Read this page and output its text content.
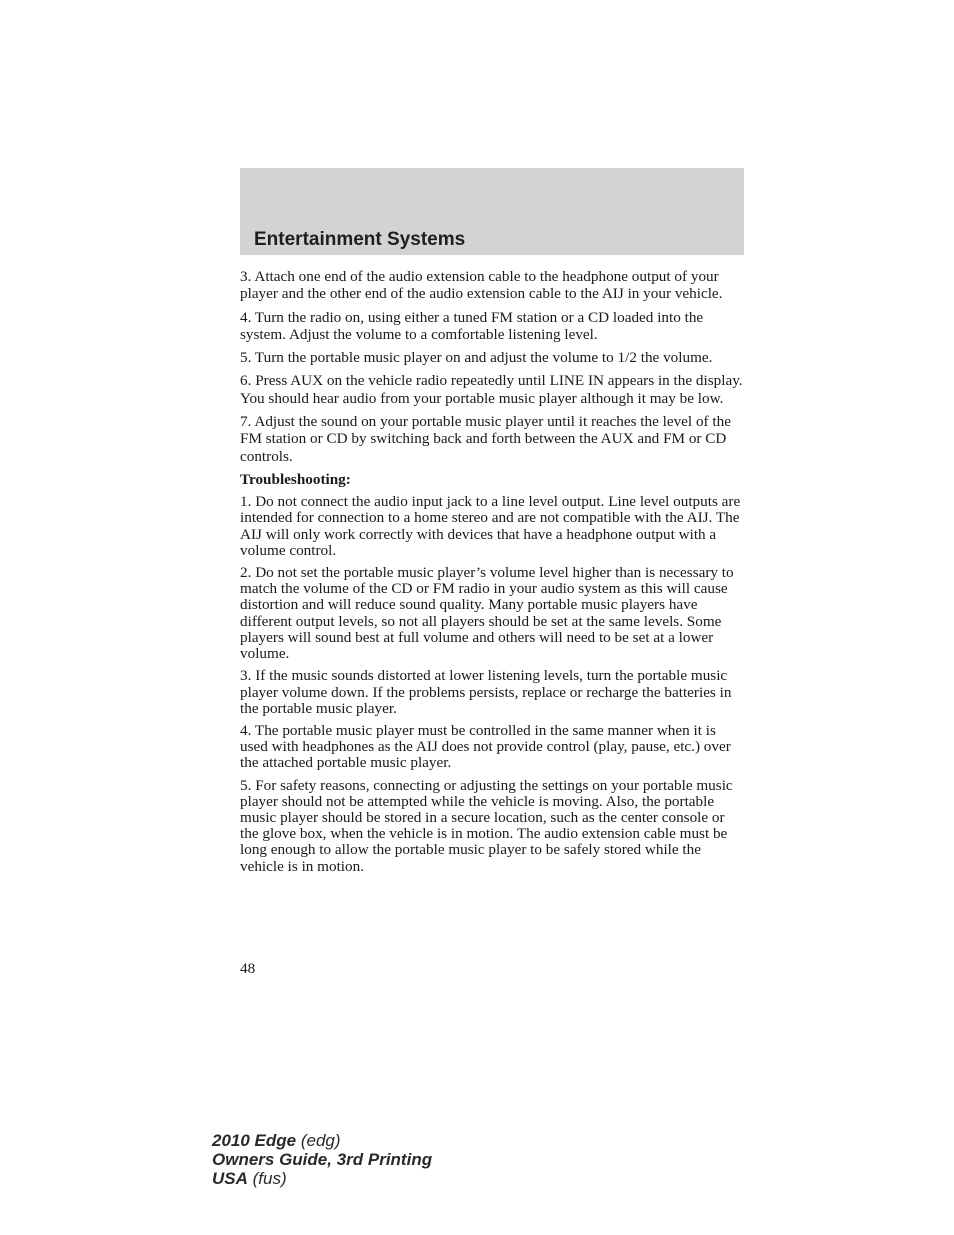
Entertainment Systems

3. Attach one end of the audio extension cable to the headphone output of your player and the other end of the audio extension cable to the AIJ in your vehicle.

4. Turn the radio on, using either a tuned FM station or a CD loaded into the system. Adjust the volume to a comfortable listening level.

5. Turn the portable music player on and adjust the volume to 1/2 the volume.

6. Press AUX on the vehicle radio repeatedly until LINE IN appears in the display.

You should hear audio from your portable music player although it may be low.

7. Adjust the sound on your portable music player until it reaches the level of the FM station or CD by switching back and forth between the AUX and FM or CD controls.

Troubleshooting:

1. Do not connect the audio input jack to a line level output. Line level outputs are intended for connection to a home stereo and are not compatible with the AIJ. The AIJ will only work correctly with devices that have a headphone output with a volume control.

2. Do not set the portable music player’s volume level higher than is necessary to match the volume of the CD or FM radio in your audio system as this will cause distortion and will reduce sound quality. Many portable music players have different output levels, so not all players should be set at the same levels. Some players will sound best at full volume and others will need to be set at a lower volume.

3. If the music sounds distorted at lower listening levels, turn the portable music player volume down. If the problems persists, replace or recharge the batteries in the portable music player.

4. The portable music player must be controlled in the same manner when it is used with headphones as the AIJ does not provide control (play, pause, etc.) over the attached portable music player.

5. For safety reasons, connecting or adjusting the settings on your portable music player should not be attempted while the vehicle is moving. Also, the portable music player should be stored in a secure location, such as the center console or the glove box, when the vehicle is in motion. The audio extension cable must be long enough to allow the portable music player to be safely stored while the vehicle is in motion.

48
2010 Edge (edg)
Owners Guide, 3rd Printing
USA (fus)
